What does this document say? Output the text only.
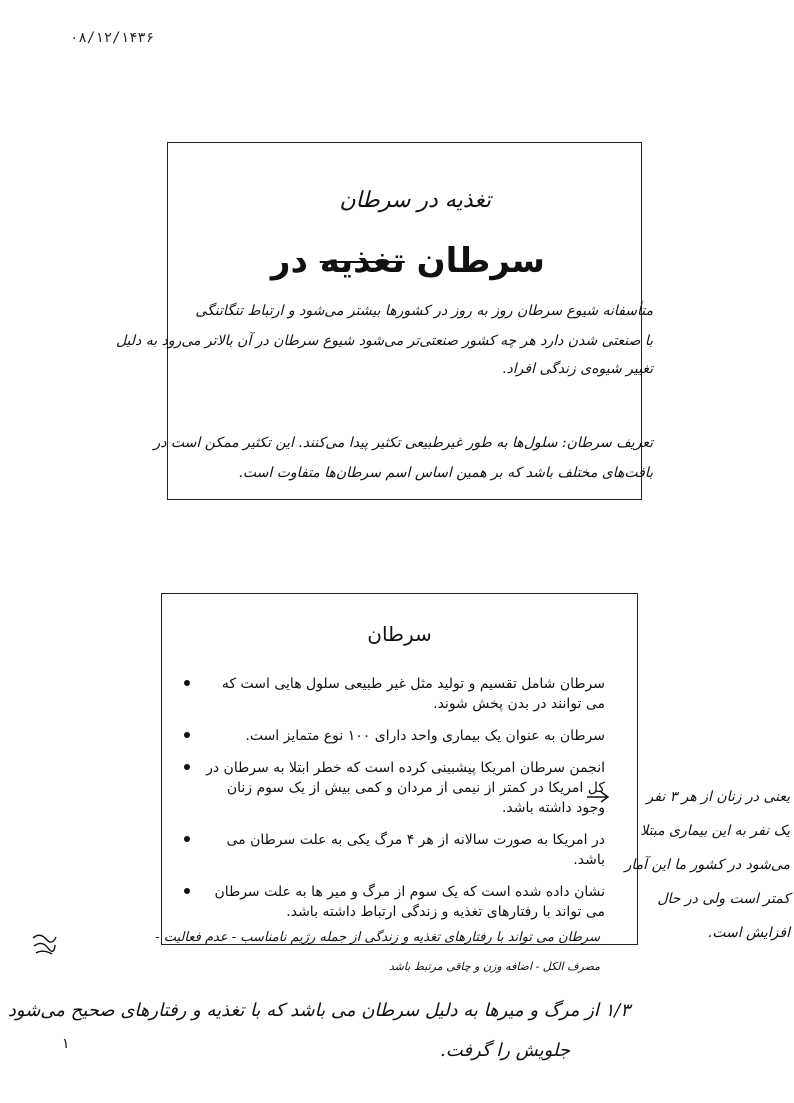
۰۸/۱۲/۱۴۳۶
تغذیه در سرطان
سرطان تغذیه در
متأسفانه شیوع سرطان روز به روز در کشورها بیشتر می‌شود و ارتباط تنگاتنگی
با صنعتی شدن دارد هر چه کشور صنعتی‌تر می‌شود شیوع سرطان در آن بالاتر می‌رود به دلیل
تغییر شیوه‌ی زندگی افراد.
تعریف سرطان: سلول‌ها به طور غیرطبیعی تکثیر پیدا می‌کنند. این تکثیر ممکن است در
بافت‌های مختلف باشد که بر همین اساس اسم سرطان‌ها متفاوت است.
سرطان
سرطان شامل تقسیم و تولید مثل غیر طبیعی سلول هایی است که می توانند در بدن پخش شوند.
سرطان به عنوان یک بیماری واحد دارای ۱۰۰ نوع متمایز است.
انجمن سرطان امریکا پیشبینی کرده است که خطر ابتلا به سرطان در کل امریکا در کمتر از نیمی از مردان و کمی بیش از یک سوم زنان وجود داشته باشد.
در امریکا به صورت سالانه از هر ۴ مرگ یکی به علت سرطان می باشد.
نشان داده شده است که یک سوم از مرگ و میر ها به علت سرطان می تواند با رفتارهای تغذیه و زندگی ارتباط داشته باشد.
یعنی در زنان از هر ۳ نفر
یک نفر به این بیماری مبتلا
می‌شود در کشور ما این آمار
کمتر است ولی در حال
افزایش است.
سرطان می تواند با رفتارهای تغذیه و زندگی از جمله رژیم نامناسب - عدم فعالیت -
مصرف الکل - اضافه وزن و چاقی مرتبط باشد
۱/۳ از مرگ و میرها به دلیل سرطان می باشد که با تغذیه و رفتارهای صحیح می‌شود
جلویش را گرفت.
۱
